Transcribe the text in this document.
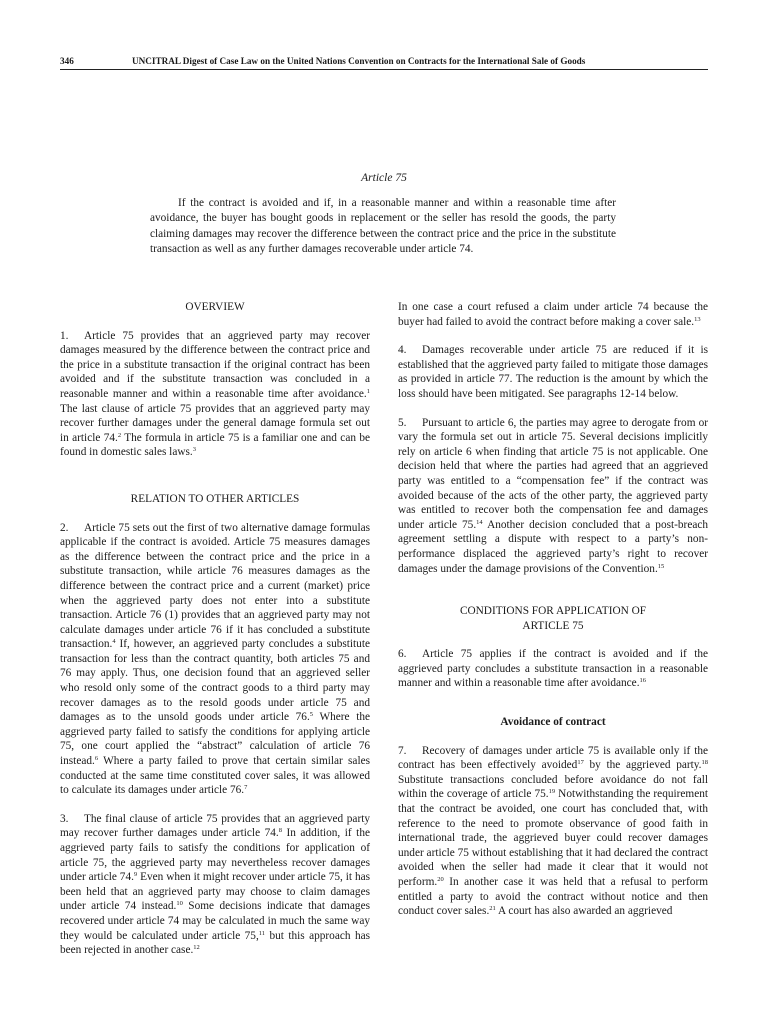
346	UNCITRAL Digest of Case Law on the United Nations Convention on Contracts for the International Sale of Goods
Article 75
If the contract is avoided and if, in a reasonable manner and within a reasonable time after avoidance, the buyer has bought goods in replacement or the seller has resold the goods, the party claiming damages may recover the difference between the contract price and the price in the substitute transaction as well as any further damages recoverable under article 74.
OVERVIEW

1. Article 75 provides that an aggrieved party may recover damages measured by the difference between the contract price and the price in a substitute transaction if the original contract has been avoided and if the substitute transaction was concluded in a reasonable manner and within a reasonable time after avoidance.$^1$ The last clause of article 75 provides that an aggrieved party may recover further damages under the general damage formula set out in article 74.$^2$ The formula in article 75 is a familiar one and can be found in domestic sales laws.$^3$

RELATION TO OTHER ARTICLES

2. Article 75 sets out the first of two alternative damage formulas applicable if the contract is avoided. Article 75 measures damages as the difference between the contract price and the price in a substitute transaction, while article 76 measures damages as the difference between the contract price and a current (market) price when the aggrieved party does not enter into a substitute transaction. Article 76 (1) provides that an aggrieved party may not calculate damages under article 76 if it has concluded a substitute transaction.$^4$ If, however, an aggrieved party concludes a substitute transaction for less than the contract quantity, both articles 75 and 76 may apply. Thus, one decision found that an aggrieved seller who resold only some of the contract goods to a third party may recover damages as to the resold goods under article 75 and damages as to the unsold goods under article 76.$^5$ Where the aggrieved party failed to satisfy the conditions for applying article 75, one court applied the “abstract” calculation of article 76 instead.$^6$ Where a party failed to prove that certain similar sales conducted at the same time constituted cover sales, it was allowed to calculate its damages under article 76.$^7$

3. The final clause of article 75 provides that an aggrieved party may recover further damages under article 74.$^8$ In addition, if the aggrieved party fails to satisfy the conditions for application of article 75, the aggrieved party may nevertheless recover damages under article 74.$^9$ Even when it might recover under article 75, it has been held that an aggrieved party may choose to claim damages under article 74 instead.$^{10}$ Some decisions indicate that damages recovered under article 74 may be calculated in much the same way they would be calculated under article 75,11 but this approach has been rejected in another case.$^{12}$

In one case a court refused a claim under article 74 because the buyer had failed to avoid the contract before making a cover sale.$^{13}$

4. Damages recoverable under article 75 are reduced if it is established that the aggrieved party failed to mitigate those damages as provided in article 77. The reduction is the amount by which the loss should have been mitigated. See paragraphs 12-14 below.

5. Pursuant to article 6, the parties may agree to derogate from or vary the formula set out in article 75. Several decisions implicitly rely on article 6 when finding that article 75 is not applicable. One decision held that where the parties had agreed that an aggrieved party was entitled to a “compensation fee” if the contract was avoided because of the acts of the other party, the aggrieved party was entitled to recover both the compensation fee and damages under article 75.14 Another decision concluded that a post-breach agreement settling a dispute with respect to a party’s non-performance displaced the aggrieved party’s right to recover damages under the damage provisions of the Convention.$^{15}$

CONDITIONS FOR APPLICATION OF
ARTICLE 75

6. Article 75 applies if the contract is avoided and if the aggrieved party concludes a substitute transaction in a reasonable manner and within a reasonable time after avoidance.$^{16}$

Avoidance of contract

7. Recovery of damages under article 75 is available only if the contract has been effectively avoided$^{17}$ by the aggrieved party.$^{18}$ Substitute transactions concluded before avoidance do not fall within the coverage of article 75.19 Notwithstanding the requirement that the contract be avoided, one court has concluded that, with reference to the need to promote observance of good faith in international trade, the aggrieved buyer could recover damages under article 75 without establishing that it had declared the contract avoided when the seller had made it clear that it would not perform.$^{20}$ In another case it was held that a refusal to perform entitled a party to avoid the contract without notice and then conduct cover sales.$^{21}$ A court has also awarded an aggrieved
